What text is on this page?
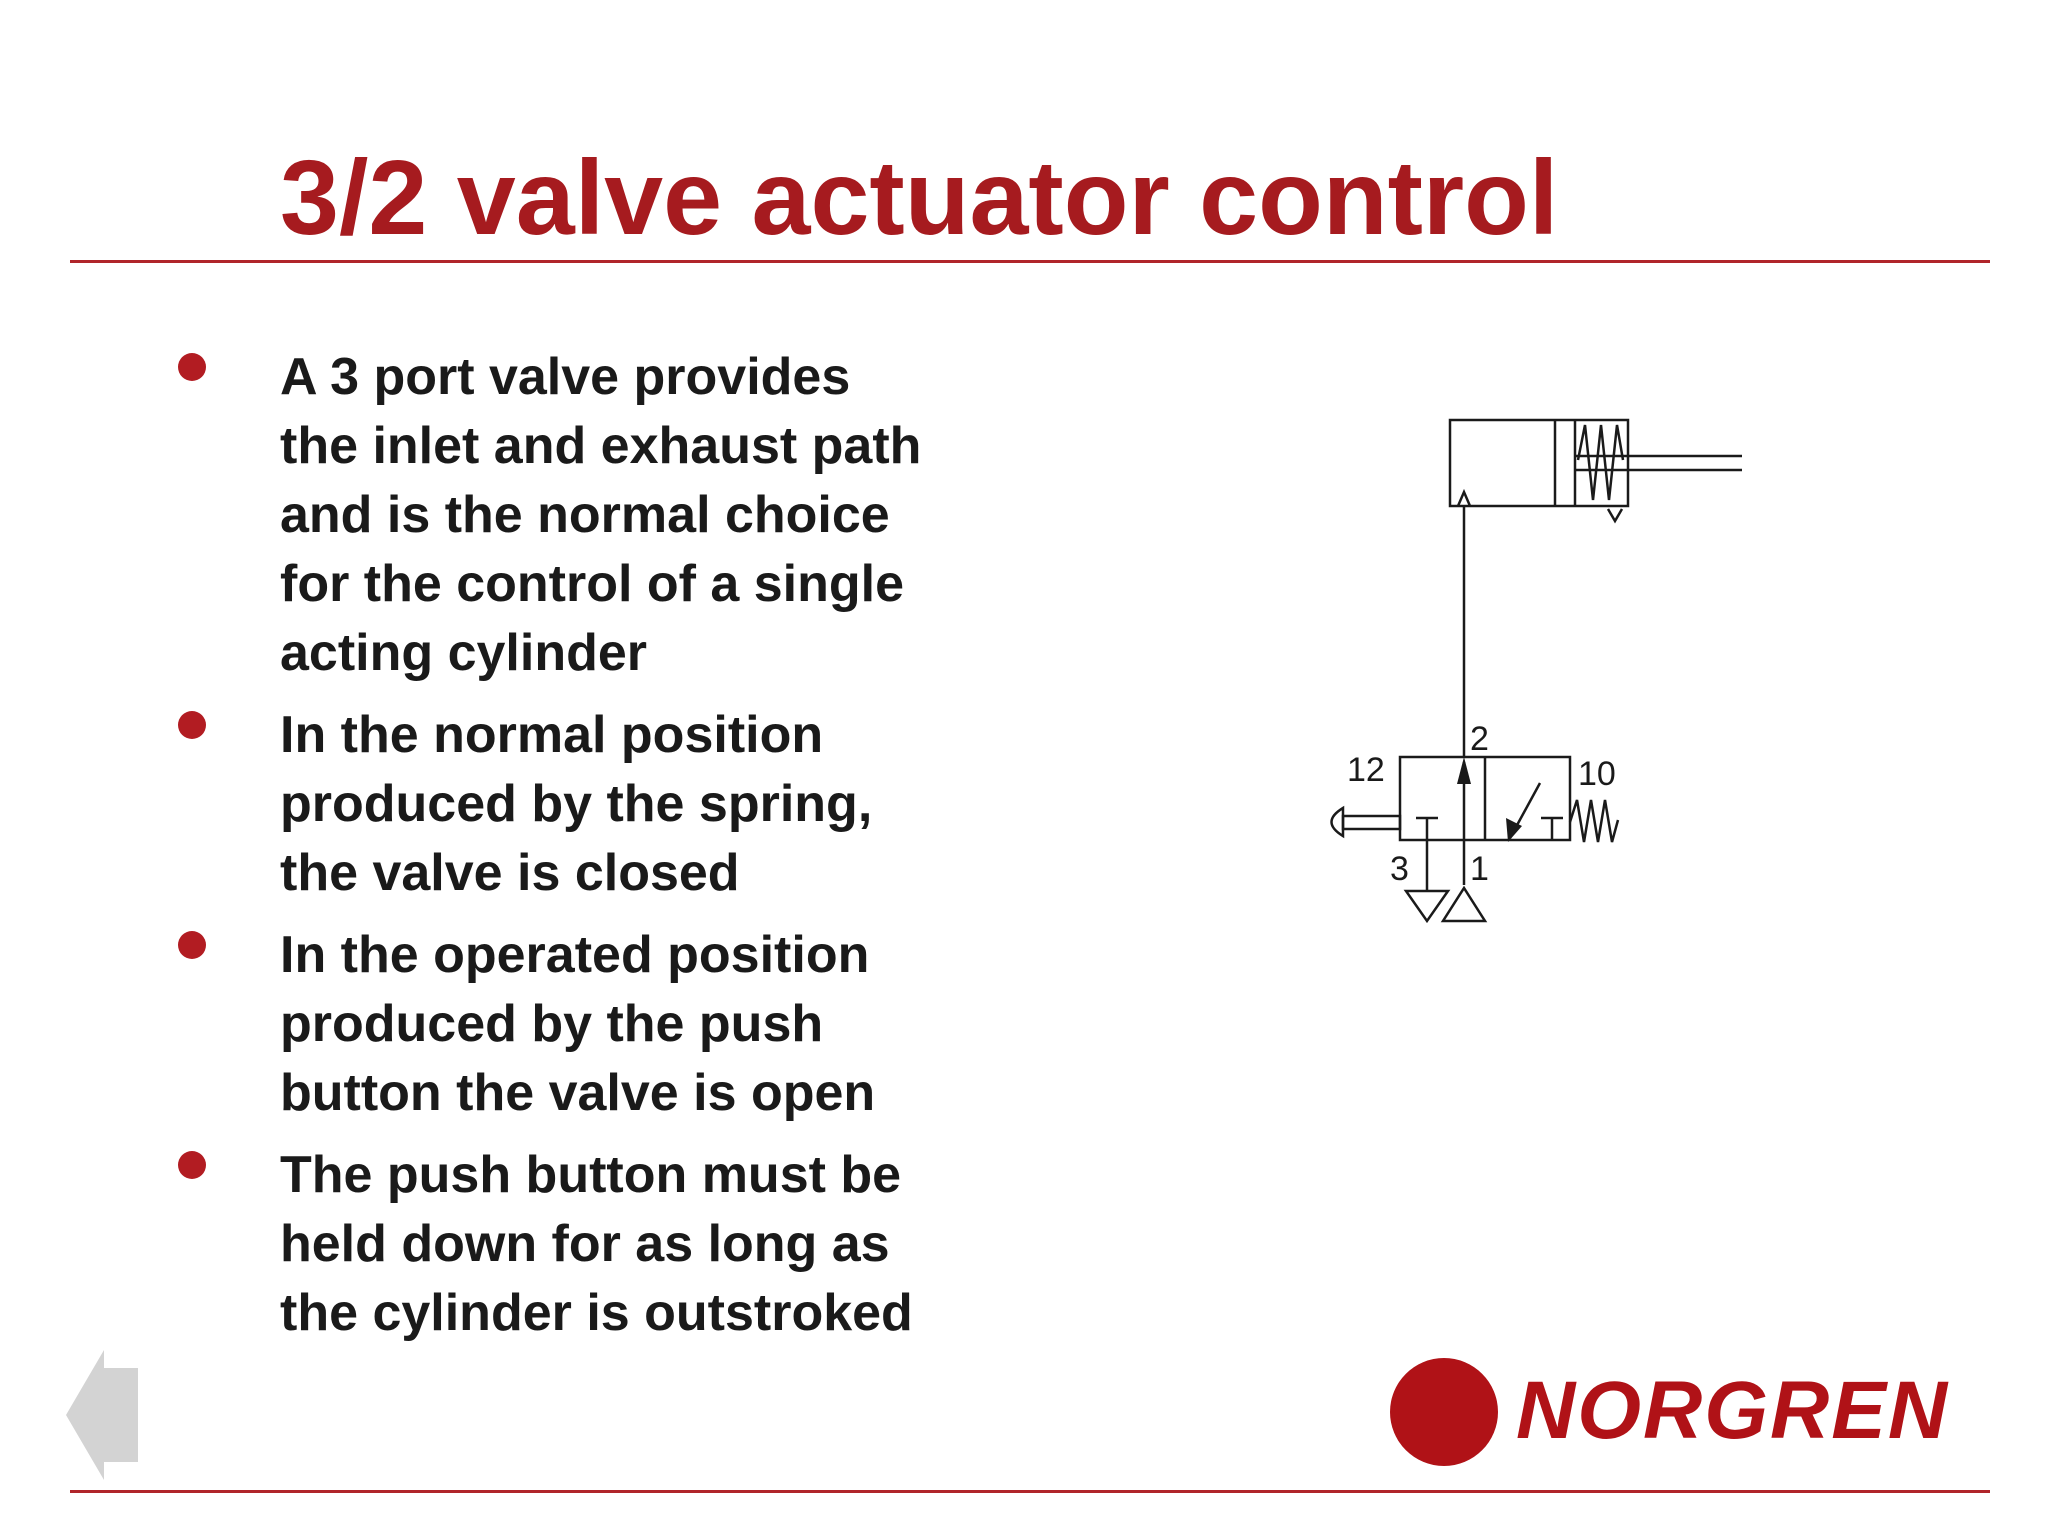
3/2 valve actuator control
A 3 port valve provides
the inlet and exhaust path
and is the normal choice
for the control of a single
acting cylinder
In the normal position
produced by the spring,
the valve is closed
In the operated position
produced by the push
button the valve is open
The push button must be
held down for as long as
the cylinder is outstroked
2
1
3
12	10
NORGREN
